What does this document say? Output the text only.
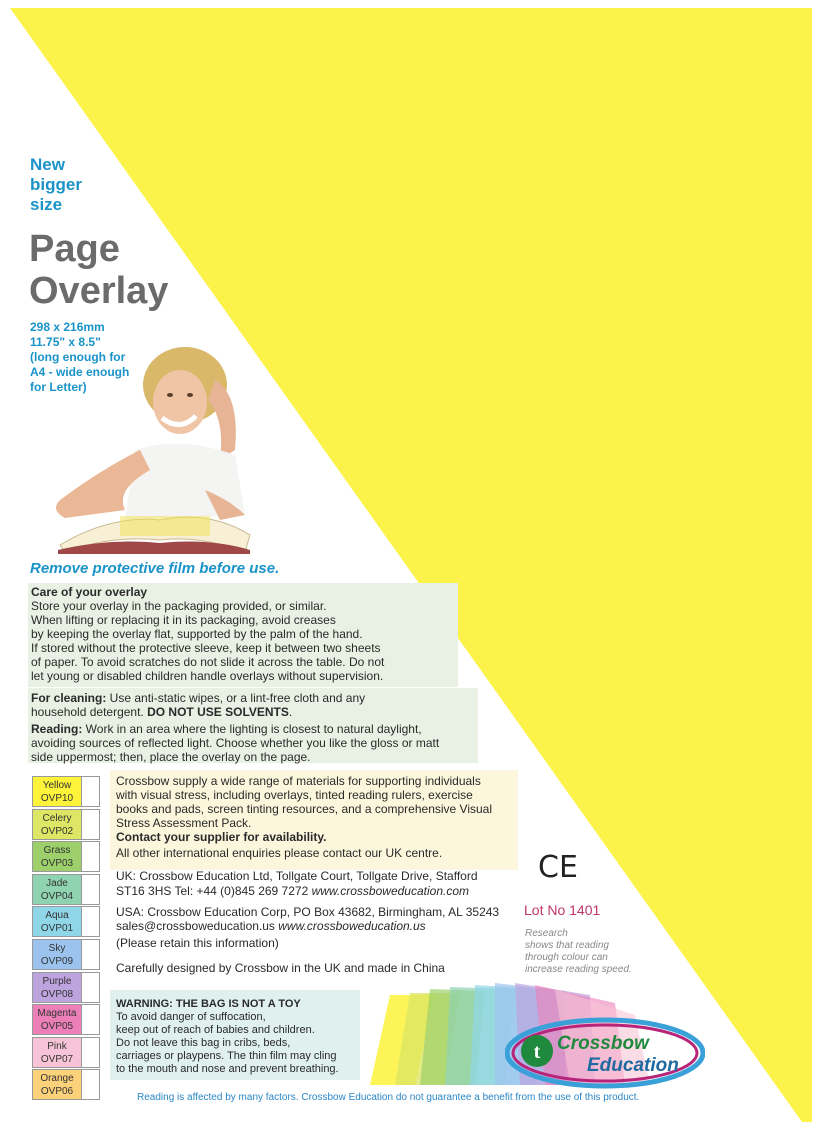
New
bigger
size
Page
Overlay
298 x 216mm
11.75" x 8.5"
(long enough for
A4 - wide enough
for Letter)
Remove protective film before use.
Care of your overlay
Store your overlay in the packaging provided, or similar.
When lifting or replacing it in its packaging, avoid creases
by keeping the overlay flat, supported by the palm of the hand.
If stored without the protective sleeve, keep it between two sheets
of paper. To avoid scratches do not slide it across the table. Do not
let young or disabled children handle overlays without supervision.
For cleaning: Use anti-static wipes, or a lint-free cloth and any
household detergent. DO NOT USE SOLVENTS.
Reading: Work in an area where the lighting is closest to natural daylight,
avoiding sources of reflected light. Choose whether you like the gloss or matt
side uppermost; then, place the overlay on the page.
Yellow
OVP10
Celery
OVP02
Grass
OVP03
Jade
OVP04
Aqua
OVP01
Sky
OVP09
Purple
OVP08
Magenta
OVP05
Pink
OVP07
Orange
OVP06
Crossbow supply a wide range of materials for supporting individuals
with visual stress, including overlays, tinted reading rulers, exercise
books and pads, screen tinting resources, and a comprehensive Visual
Stress Assessment Pack.
Contact your supplier for availability.
All other international enquiries please contact our UK centre.
UK: Crossbow Education Ltd, Tollgate Court, Tollgate Drive, Stafford
ST16 3HS Tel: +44 (0)845 269 7272 www.crossboweducation.com
USA: Crossbow Education Corp, PO Box 43682, Birmingham, AL 35243
sales@crossboweducation.us www.crossboweducation.us
(Please retain this information)
Carefully designed by Crossbow in the UK and made in China
WARNING: THE BAG IS NOT A TOY
To avoid danger of suffocation,
keep out of reach of babies and children.
Do not leave this bag in cribs, beds,
carriages or playpens. The thin film may cling
to the mouth and nose and prevent breathing.
CE
Lot No 1401
Research
shows that reading
through colour can
increase reading speed.
t Crossbow
Education
Reading is affected by many factors. Crossbow Education do not guarantee a benefit from the use of this product.
